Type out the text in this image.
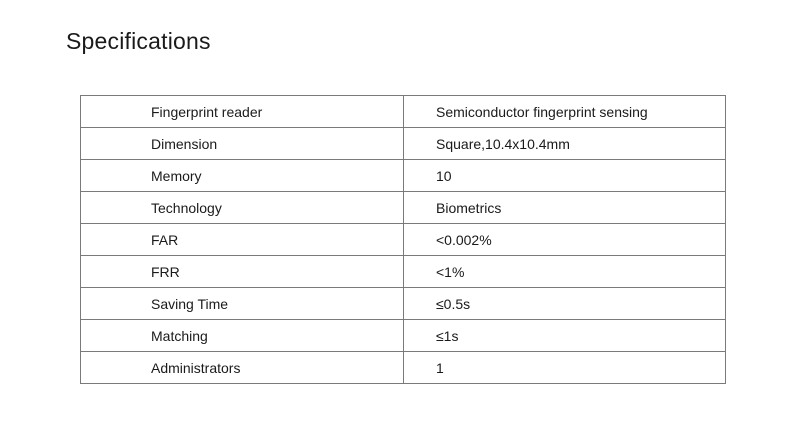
Specifications
Fingerprint reader	Semiconductor fingerprint sensing
Dimension	Square,10.4x10.4mm
Memory	10
Technology	Biometrics
FAR	<0.002%
FRR	<1%
Saving Time	≤0.5s
Matching	≤1s
Administrators	1
